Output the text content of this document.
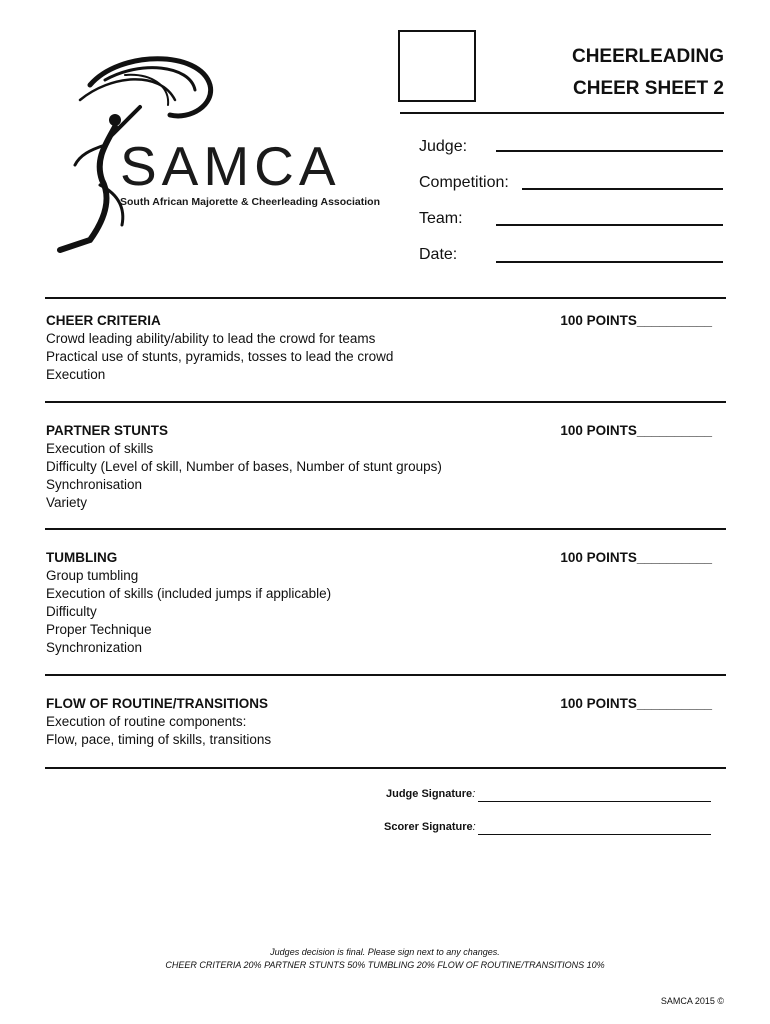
SAMCA
South African Majorette & Cheerleading Association
CHEERLEADING
CHEER SHEET 2
Judge:
Competition:
Team:
Date:
CHEER CRITERIA	100 POINTS__________
Crowd leading ability/ability to lead the crowd for teams
Practical use of stunts, pyramids, tosses to lead the crowd
Execution
PARTNER STUNTS	100 POINTS__________
Execution of skills
Difficulty (Level of skill, Number of bases, Number of stunt groups)
Synchronisation
Variety
TUMBLING	100 POINTS__________
Group tumbling
Execution of skills (included jumps if applicable)
Difficulty
Proper Technique
Synchronization
FLOW OF ROUTINE/TRANSITIONS	100 POINTS__________
Execution of routine components:
Flow, pace, timing of skills, transitions
Judge Signature:
Scorer Signature:
Judges decision is final. Please sign next to any changes.
CHEER CRITERIA 20% PARTNER STUNTS 50% TUMBLING 20% FLOW OF ROUTINE/TRANSITIONS 10%
SAMCA 2015 ©
